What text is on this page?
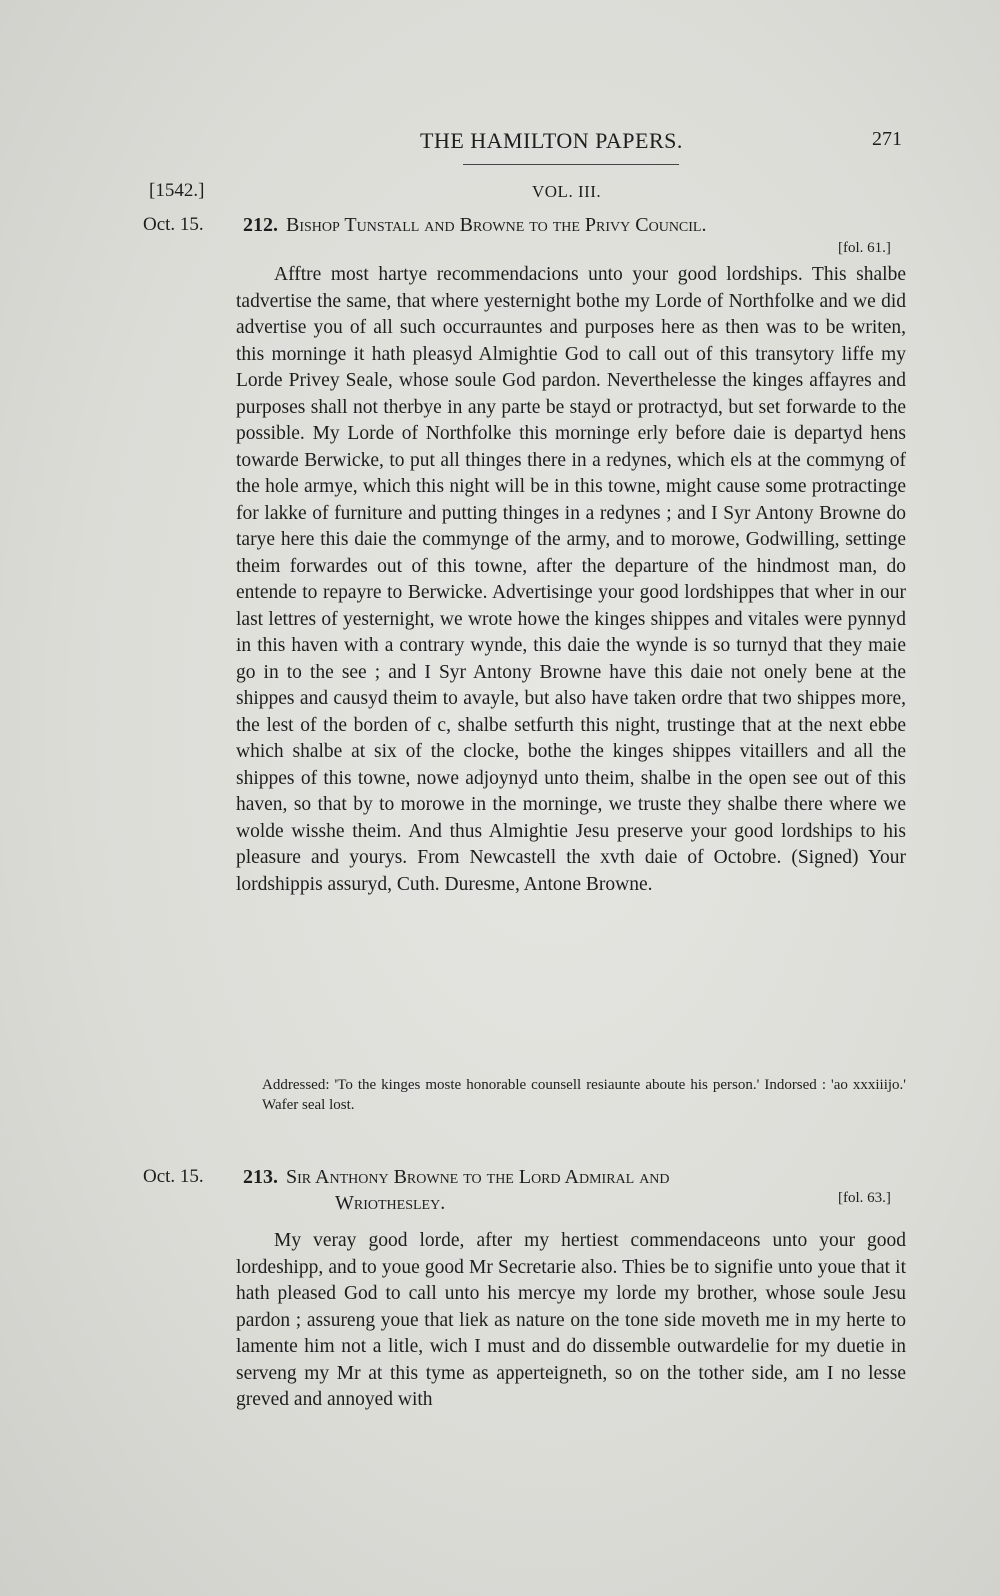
THE HAMILTON PAPERS.	271
[1542.]	VOL. III.
Oct. 15. 212. Bishop Tunstall and Browne to the Privy Council.
[fol. 61.]

Afftre most hartye recommendacions unto your good lordships. This shalbe tadvertise the same, that where yesternight bothe my Lorde of Northfolke and we did advertise you of all such occurrauntes and purposes here as then was to be writen, this morninge it hath pleasyd Almightie God to call out of this transytory liffe my Lorde Privey Seale, whose soule God pardon. Neverthelesse the kinges affayres and purposes shall not therbye in any parte be stayd or protractyd, but set forwarde to the possible. My Lorde of Northfolke this morninge erly before daie is departyd hens towarde Berwicke, to put all thinges there in a redynes, which els at the commyng of the hole armye, which this night will be in this towne, might cause some protractinge for lakke of furniture and putting thinges in a redynes ; and I Syr Antony Browne do tarye here this daie the commynge of the army, and to morowe, Godwilling, settinge theim forwardes out of this towne, after the departure of the hindmost man, do entende to repayre to Berwicke. Advertisinge your good lordshippes that wher in our last lettres of yesternight, we wrote howe the kinges shippes and vitales were pynnyd in this haven with a contrary wynde, this daie the wynde is so turnyd that they maie go in to the see ; and I Syr Antony Browne have this daie not onely bene at the shippes and causyd theim to avayle, but also have taken ordre that two shippes more, the lest of the borden of c, shalbe setfurth this night, trustinge that at the next ebbe which shalbe at six of the clocke, bothe the kinges shippes vitaillers and all the shippes of this towne, nowe adjoynyd unto theim, shalbe in the open see out of this haven, so that by to morowe in the morninge, we truste they shalbe there where we wolde wisshe theim. And thus Almightie Jesu preserve your good lordships to his pleasure and yourys. From Newcastell the xvth daie of Octobre. (Signed) Your lordshippis assuryd, Cuth. Duresme, Antone Browne.

Addressed: 'To the kinges moste honorable counsell resiaunte aboute his person.' Indorsed : 'ao xxxiiijo.' Wafer seal lost.

Oct. 15. 213. Sir Anthony Browne to the Lord Admiral and
Wriothesley.	[fol. 63.]

My veray good lorde, after my hertiest commendaceons unto your good lordeshipp, and to youe good Mr Secretarie also. Thies be to signifie unto youe that it hath pleased God to call unto his mercye my lorde my brother, whose soule Jesu pardon ; assureng youe that liek as nature on the tone side moveth me in my herte to lamente him not a litle, wich I must and do dissemble outwardelie for my duetie in serveng my Mr at this tyme as apperteigneth, so on the tother side, am I no lesse greved and annoyed with
